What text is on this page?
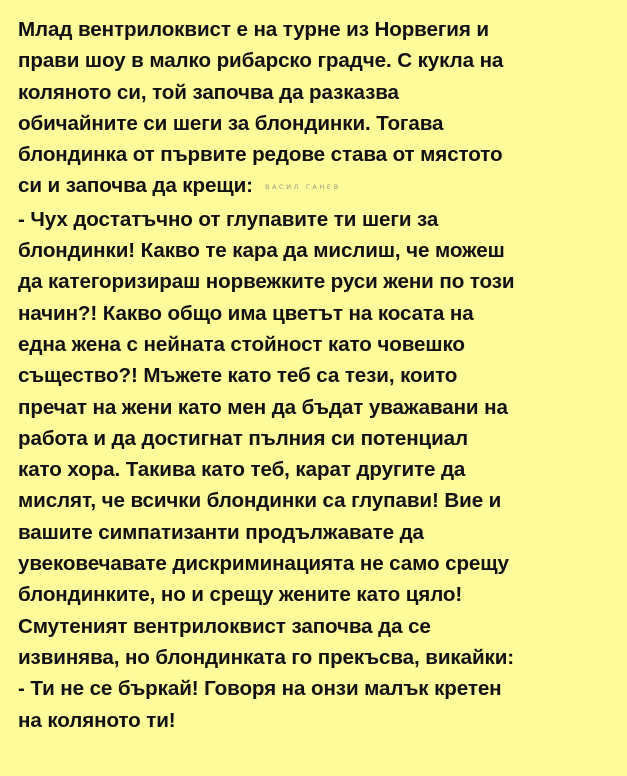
Млад вентрилоквист е на турне из Норвегия и
прави шоу в малко рибарско градче. С кукла на
коляното си, той започва да разказва
обичайните си шеги за блондинки. Тогава
блондинка от първите редове става от мястото
си и започва да крещи: ВАСИЛ ГАНЕВ
- Чух достатъчно от глупавите ти шеги за
блондинки! Какво те кара да мислиш, че можеш
да категоризираш норвежките руси жени по този
начин?! Какво общо има цветът на косата на
една жена с нейната стойност като човешко
същество?! Мъжете като теб са тези, които
пречат на жени като мен да бъдат уважавани на
работа и да достигнат пълния си потенциал
като хора. Такива като теб, карат другите да
мислят, че всички блондинки са глупави! Вие и
вашите симпатизанти продължавате да
увековечавате дискриминацията не само срещу
блондинките, но и срещу жените като цяло!
Смутеният вентрилоквист започва да се
извинява, но блондинката го прекъсва, викайки:
- Ти не се бъркай! Говоря на онзи малък кретен
на коляното ти!
